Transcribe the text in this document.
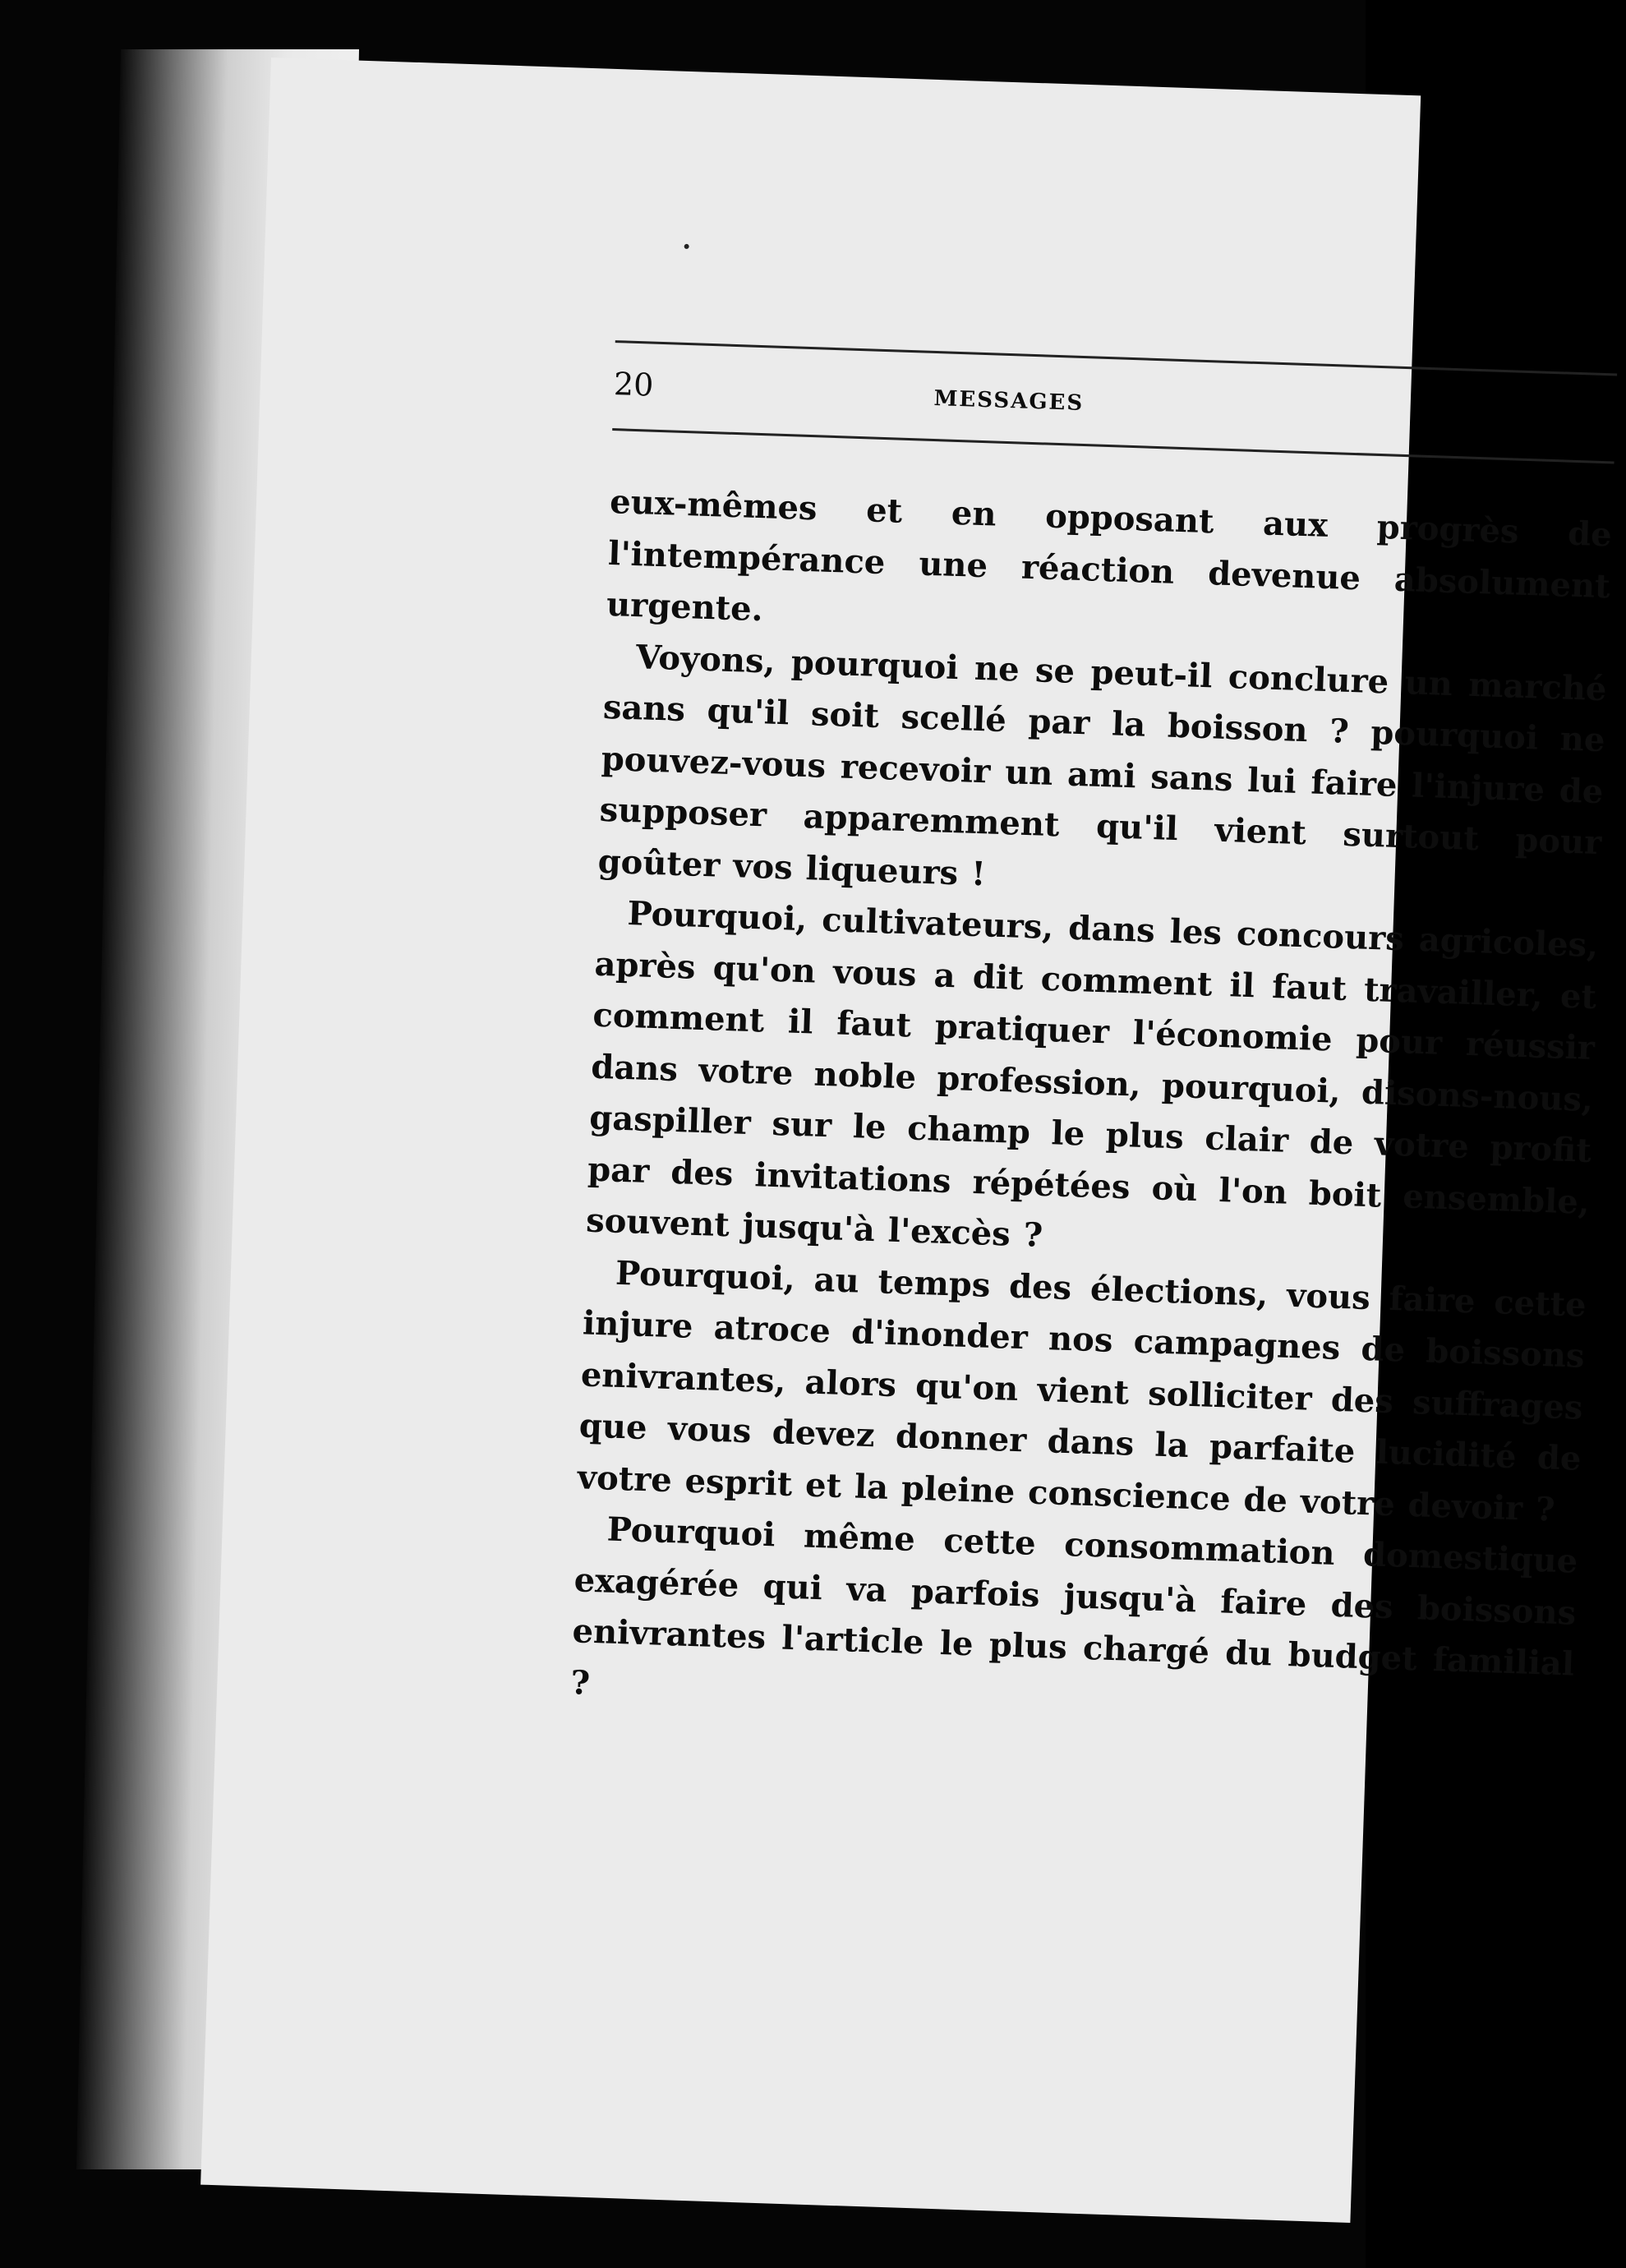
20	MESSAGES

eux-mêmes et en opposant aux progrès de l'intempérance une réaction devenue absolument urgente.

Voyons, pourquoi ne se peut-il conclure un marché sans qu'il soit scellé par la boisson ? pourquoi ne pouvez-vous recevoir un ami sans lui faire l'injure de supposer apparemment qu'il vient surtout pour goûter vos liqueurs !

Pourquoi, cultivateurs, dans les concours agricoles, après qu'on vous a dit comment il faut travailler, et comment il faut pratiquer l'économie pour réussir dans votre noble profession, pourquoi, disons-nous, gaspiller sur le champ le plus clair de votre profit par des invitations répétées où l'on boit ensemble, souvent jusqu'à l'excès ?

Pourquoi, au temps des élections, vous faire cette injure atroce d'inonder nos campagnes de boissons enivrantes, alors qu'on vient solliciter des suffrages que vous devez donner dans la parfaite lucidité de votre esprit et la pleine conscience de votre devoir ?

Pourquoi même cette consommation domestique exagérée qui va parfois jusqu'à faire des boissons enivrantes l'article le plus chargé du budget familial ?
